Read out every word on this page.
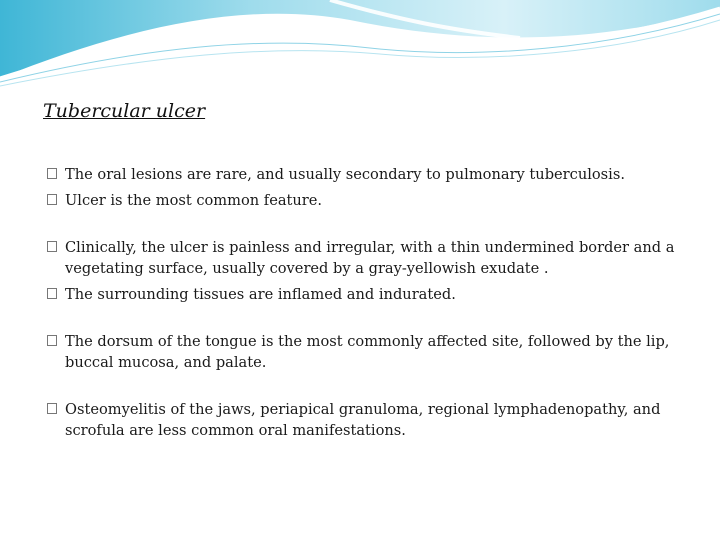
Tubercular ulcer

The oral lesions are rare, and usually secondary to pulmonary tuberculosis.

Ulcer is the most common feature.

Clinically, the ulcer is painless and irregular, with a thin undermined border and a vegetating surface, usually covered by a gray-yellowish exudate .

The surrounding tissues are inflamed and indurated.

The dorsum of the tongue is the most commonly affected site, followed by the lip, buccal mucosa, and palate.

Osteomyelitis of the jaws, periapical granuloma, regional lymphadenopathy, and scrofula are less common oral manifestations.
